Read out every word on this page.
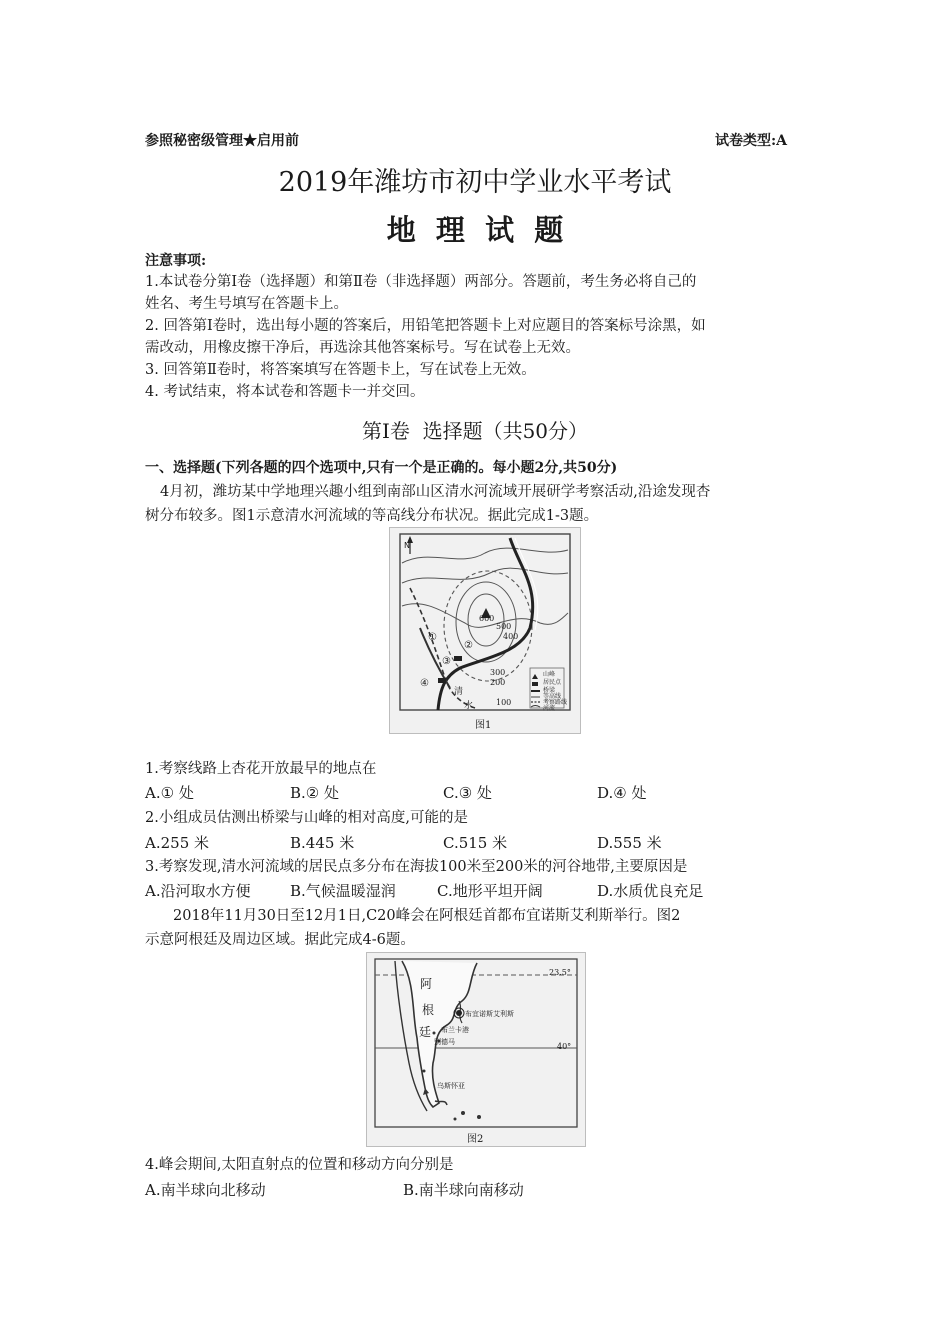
参照秘密级管理★启用前	试卷类型:A
2019年潍坊市初中学业水平考试
地  理  试  题
注意事项:
1.本试卷分第Ⅰ卷（选择题）和第Ⅱ卷（非选择题）两部分。答题前，考生务必将自己的
姓名、考生号填写在答题卡上。
2. 回答第Ⅰ卷时，选出每小题的答案后，用铅笔把答题卡上对应题目的答案标号涂黑，如
需改动，用橡皮擦干净后，再选涂其他答案标号。写在试卷上无效。
3. 回答第Ⅱ卷时，将答案填写在答题卡上，写在试卷上无效。
4. 考试结束，将本试卷和答题卡一并交回。
第Ⅰ卷  选择题（共50分）
一、选择题(下列各题的四个选项中,只有一个是正确的。每小题2分,共50分)
4月初，潍坊某中学地理兴趣小组到南部山区清水河流域开展研学考察活动,沿途发现杏
树分布较多。图1示意清水河流域的等高线分布状况。据此完成1-3题。
N
600
500
400
300
200
100
①
②
③
④
清
水
山峰
居民点
桥梁
等高线
考察路线
河流
图1
1.考察线路上杏花开放最早的地点在
A.① 处	B.② 处	C.③ 处	D.④ 处
2.小组成员估测出桥梁与山峰的相对高度,可能的是
A.255 米	B.445 米	C.515 米	D.555 米
3.考察发现,清水河流域的居民点多分布在海拔100米至200米的河谷地带,主要原因是
A.沿河取水方便	B.气候温暖湿润	C.地形平坦开阔	D.水质优良充足
2018年11月30日至12月1日,C20峰会在阿根廷首都布宜诺斯艾利斯举行。图2
示意阿根廷及周边区域。据此完成4-6题。
23.5°
40°
阿
根
廷
布宜诺斯艾利斯
布兰卡港
别德马
乌斯怀亚
图2
4.峰会期间,太阳直射点的位置和移动方向分别是
A.南半球向北移动	B.南半球向南移动
